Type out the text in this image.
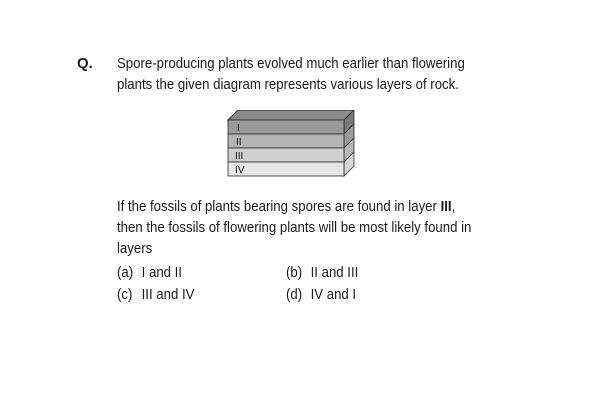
Q. Spore-producing plants evolved much earlier than flowering
plants the given diagram represents various layers of rock.
I
II
III
IV
If the fossils of plants bearing spores are found in layer III,
then the fossils of flowering plants will be most likely found in
layers
(a) I and II	(b) II and III
(c) III and IV	(d) IV and I
